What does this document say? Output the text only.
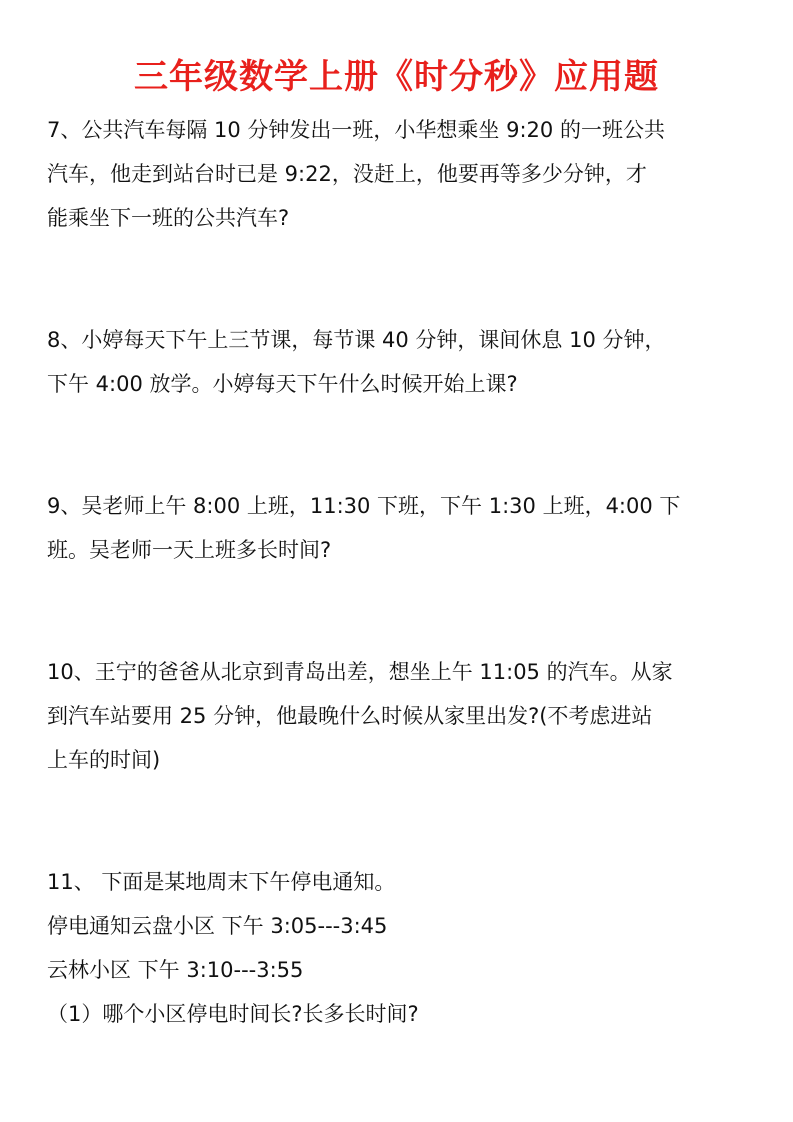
三年级数学上册《时分秒》应用题
7、公共汽车每隔 10 分钟发出一班，小华想乘坐 9:20 的一班公共
汽车，他走到站台时已是 9:22，没赶上，他要再等多少分钟，才
能乘坐下一班的公共汽车?
8、小婷每天下午上三节课，每节课 40 分钟，课间休息 10 分钟，
下午 4:00 放学。小婷每天下午什么时候开始上课?
9、吴老师上午 8:00 上班，11:30 下班，下午 1:30 上班，4:00 下
班。吴老师一天上班多长时间?
10、王宁的爸爸从北京到青岛出差，想坐上午 11:05 的汽车。从家
到汽车站要用 25 分钟，他最晚什么时候从家里出发?(不考虑进站
上车的时间)
11、 下面是某地周末下午停电通知。
停电通知云盘小区 下午 3:05---3:45
云林小区 下午 3:10---3:55
（1）哪个小区停电时间长?长多长时间?
